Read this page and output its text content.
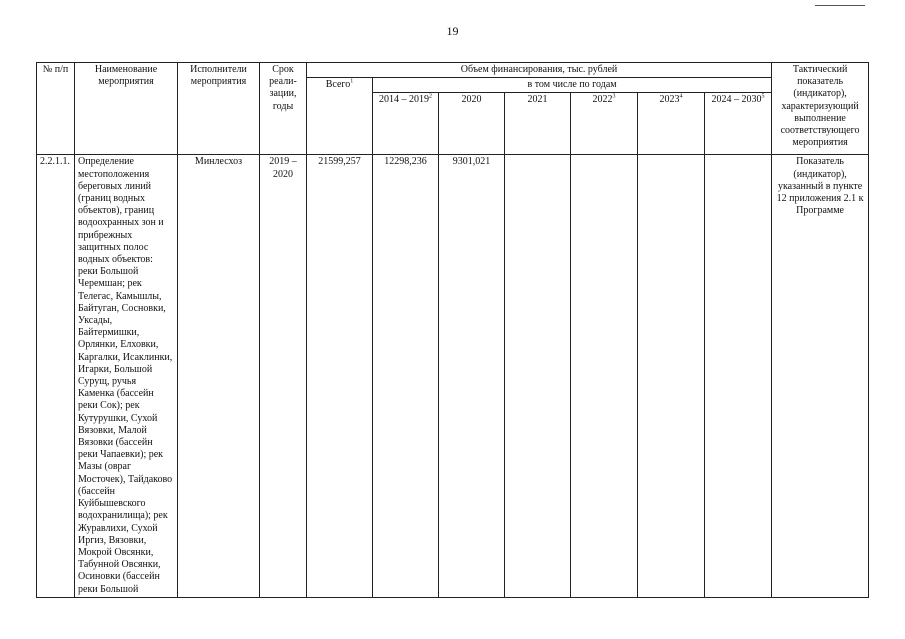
19
№ п/п	Наименование мероприятия	Исполнители мероприятия	Срок реали-зации, годы	Объем финансирования, тыс. рублей							Тактический показатель (индикатор), характеризующий выполнение соответствующего мероприятия
				Всего$^1$	в том числе по годам						
					2014 – 2019$^2$	2020	2021	2022$^3$	2023$^4$	2024 – 2030$^5$
2.2.1.1.	Определение местоположения береговых линий (границ водных объектов), границ водоохранных зон и прибрежных защитных полос водных объектов: реки Большой Черемшан; рек Телегас, Камышлы, Байтуган, Сосновки, Уксады, Байтермишки, Орлянки, Елховки, Каргалки, Исаклинки, Игарки, Большой Сурущ, ручья Каменка (бассейн реки Сок); рек Кутурушки, Сухой Вязовки, Малой Вязовки (бассейн реки Чапаевки); рек Мазы (овраг Мосточек), Тайдаково (бассейн Куйбышевского водохранилища); рек Журавлихи, Сухой Иргиз, Вязовки, Мокрой Овсянки, Табунной Овсянки, Осиновки (бассейн реки Большой	Минлесхоз	2019 – 2020	21599,257	12298,236	9301,021					Показатель (индикатор), указанный в пункте 12 приложения 2.1 к Программе
